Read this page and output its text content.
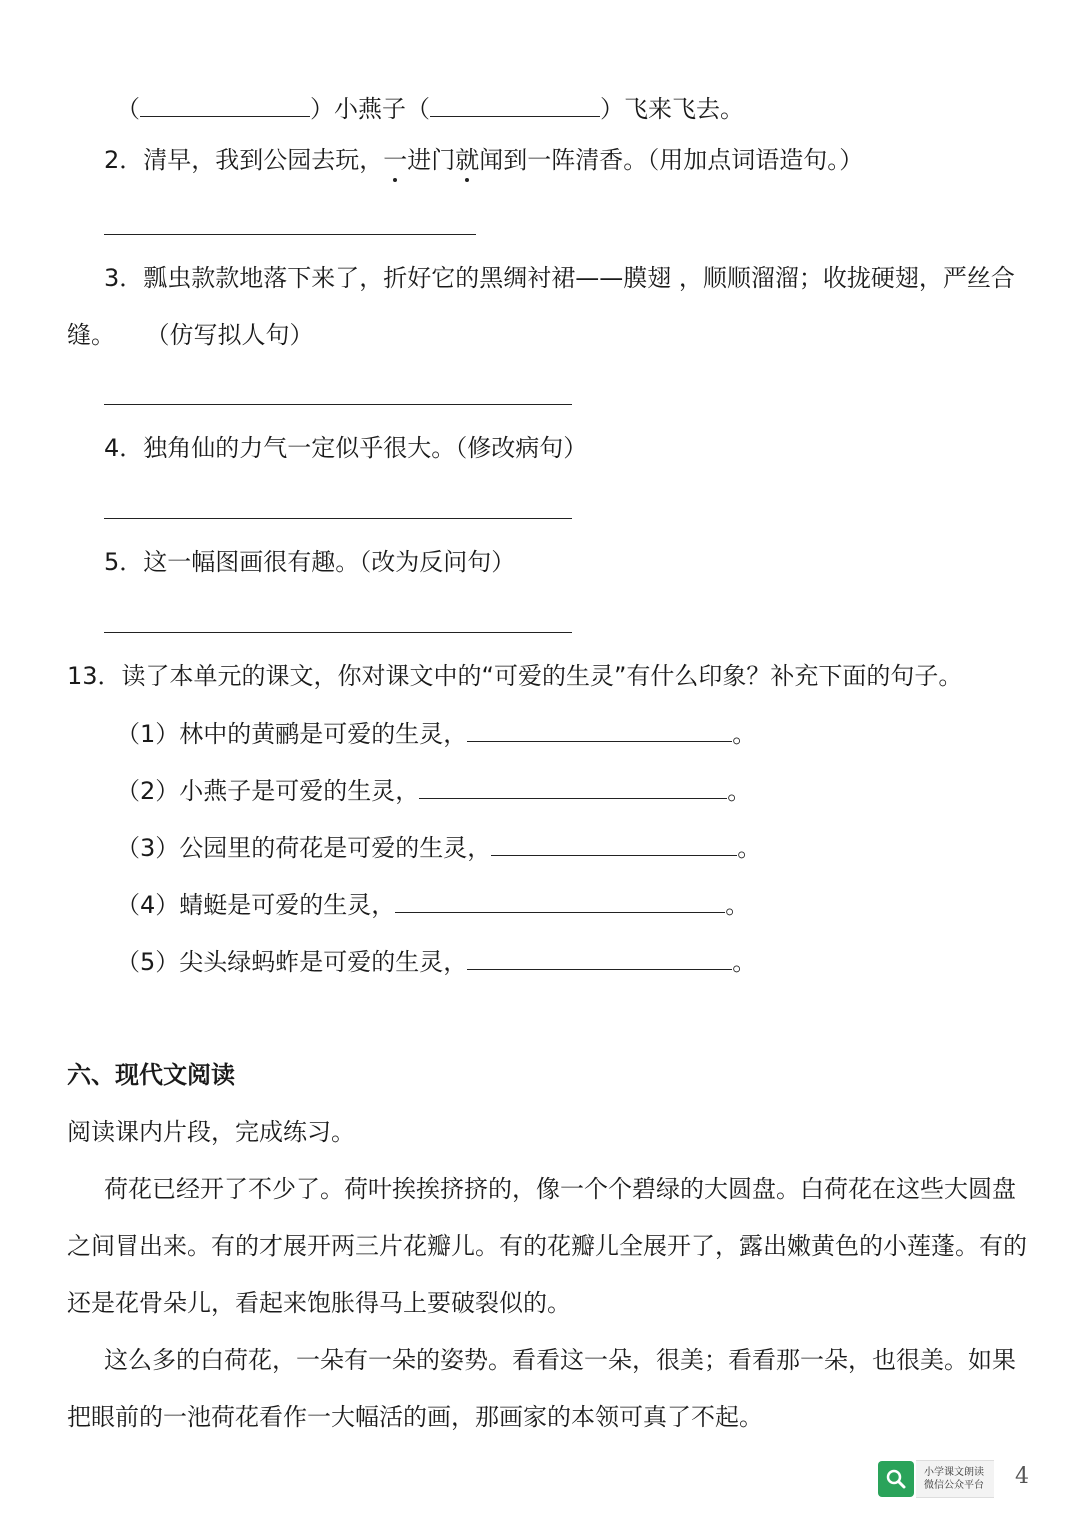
（	）小燕子（	）飞来飞去。
2．清早，我到公园去玩，一进门就闻到一阵清香。（用加点词语造句。）
3．瓢虫款款地落下来了，折好它的黑绸衬裙——膜翅 ，顺顺溜溜；收拢硬翅，严丝合
缝。    （仿写拟人句）
4．独角仙的力气一定似乎很大。（修改病句）
5．这一幅图画很有趣。（改为反问句）
13．读了本单元的课文，你对课文中的“可爱的生灵”有什么印象？补充下面的句子。
（1）林中的黄鹂是可爱的生灵，	。
（2）小燕子是可爱的生灵，	。
（3）公园里的荷花是可爱的生灵，	。
（4）蜻蜓是可爱的生灵，	。
（5）尖头绿蚂蚱是可爱的生灵，	。
六、现代文阅读
阅读课内片段，完成练习。
荷花已经开了不少了。荷叶挨挨挤挤的，像一个个碧绿的大圆盘。白荷花在这些大圆盘
之间冒出来。有的才展开两三片花瓣儿。有的花瓣儿全展开了，露出嫩黄色的小莲蓬。有的
还是花骨朵儿，看起来饱胀得马上要破裂似的。
这么多的白荷花，一朵有一朵的姿势。看看这一朵，很美；看看那一朵，也很美。如果
把眼前的一池荷花看作一大幅活的画，那画家的本领可真了不起。
小学课文朗读
微信公众平台 4
